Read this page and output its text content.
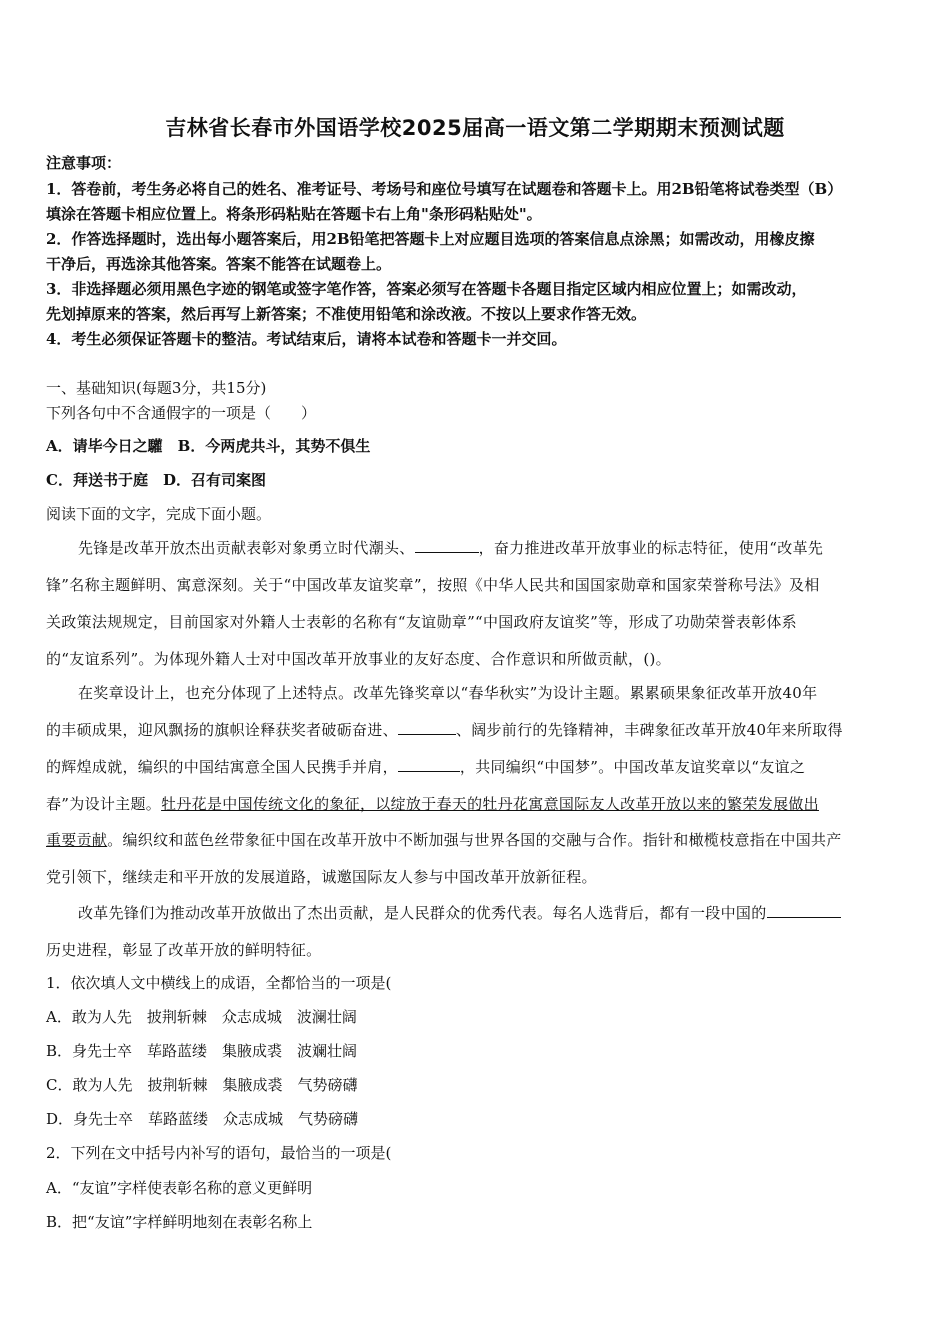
吉林省长春市外国语学校2025届高一语文第二学期期末预测试题
注意事项：
1．答卷前，考生务必将自己的姓名、准考证号、考场号和座位号填写在试题卷和答题卡上。用2B铅笔将试卷类型（B）
填涂在答题卡相应位置上。将条形码粘贴在答题卡右上角"条形码粘贴处"。
2．作答选择题时，选出每小题答案后，用2B铅笔把答题卡上对应题目选项的答案信息点涂黑；如需改动，用橡皮擦
干净后，再选涂其他答案。答案不能答在试题卷上。
3．非选择题必须用黑色字迹的钢笔或签字笔作答，答案必须写在答题卡各题目指定区域内相应位置上；如需改动，
先划掉原来的答案，然后再写上新答案；不准使用铅笔和涂改液。不按以上要求作答无效。
4．考生必须保证答题卡的整洁。考试结束后，请将本试卷和答题卡一并交回。
一、基础知识(每题3分，共15分)
下列各句中不含通假字的一项是（　　）
A．请毕今日之驩　B．今两虎共斗，其势不俱生
C．拜送书于庭　D．召有司案图
阅读下面的文字，完成下面小题。
先锋是改革开放杰出贡献表彰对象勇立时代潮头、	，奋力推进改革开放事业的标志特征，使用“改革先
锋”名称主题鲜明、寓意深刻。关于“中国改革友谊奖章”，按照《中华人民共和国国家勋章和国家荣誉称号法》及相
关政策法规规定，目前国家对外籍人士表彰的名称有“友谊勋章”“中国政府友谊奖”等，形成了功勋荣誉表彰体系
的“友谊系列”。为体现外籍人士对中国改革开放事业的友好态度、合作意识和所做贡献，()。
在奖章设计上，也充分体现了上述特点。改革先锋奖章以“春华秋实”为设计主题。累累硕果象征改革开放40年
的丰硕成果，迎风飘扬的旗帜诠释获奖者破砺奋进、	、阔步前行的先锋精神，丰碑象征改革开放40年来所取得
的辉煌成就，编织的中国结寓意全国人民携手并肩，	，共同编织“中国梦”。中国改革友谊奖章以“友谊之
春”为设计主题。牡丹花是中国传统文化的象征，以绽放于春天的牡丹花寓意国际友人改革开放以来的繁荣发展做出
重要贡献。编织纹和蓝色丝带象征中国在改革开放中不断加强与世界各国的交融与合作。指针和橄榄枝意指在中国共产
党引领下，继续走和平开放的发展道路，诚邀国际友人参与中国改革开放新征程。
改革先锋们为推动改革开放做出了杰出贡献，是人民群众的优秀代表。每名人选背后，都有一段中国的
历史进程，彰显了改革开放的鲜明特征。
1．依次填人文中横线上的成语，全都恰当的一项是(
A．敢为人先　披荆斩棘　众志成城　波澜壮阔
B．身先士卒　荜路蓝缕　集腋成裘　波斓壮阔
C．敢为人先　披荆斩棘　集腋成裘　气势磅礴
D．身先士卒　荜路蓝缕　众志成城　气势磅礴
2．下列在文中括号内补写的语句，最恰当的一项是(
A．“友谊”字样使表彰名称的意义更鲜明
B．把“友谊”字样鲜明地刻在表彰名称上
